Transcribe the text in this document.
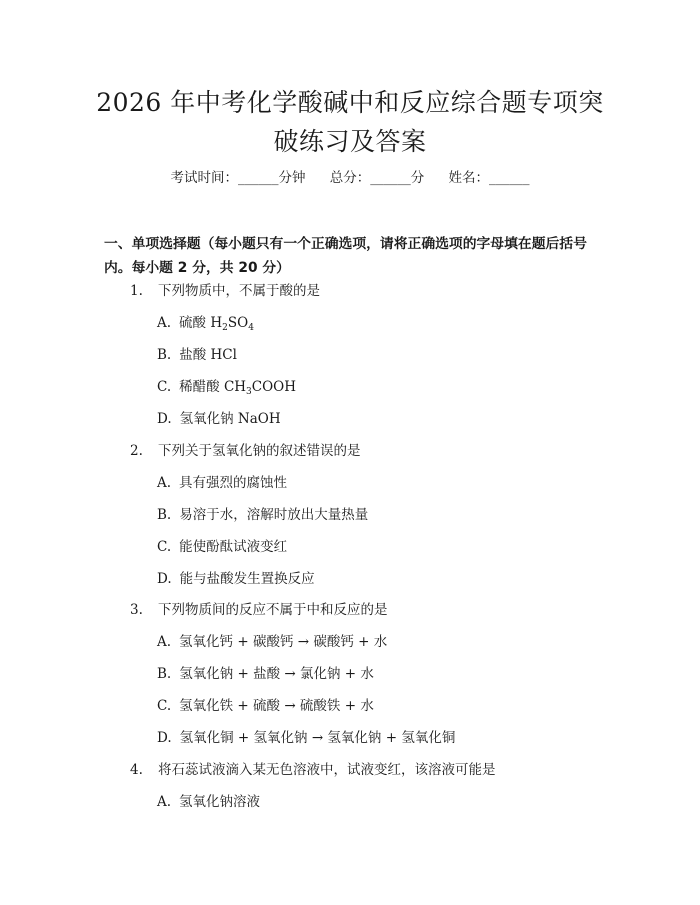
2026 年中考化学酸碱中和反应综合题专项突
破练习及答案
考试时间：______分钟 总分：______分 姓名：______
一、单项选择题（每小题只有一个正确选项，请将正确选项的字母填在题后括号
内。每小题 2 分，共 20 分）
1. 下列物质中，不属于酸的是
A. 硫酸 $H_2SO_4$
B. 盐酸 HCl
C. 稀醋酸 $CH_3COOH$
D. 氢氧化钠 NaOH
2. 下列关于氢氧化钠的叙述错误的是
A. 具有强烈的腐蚀性
B. 易溶于水，溶解时放出大量热量
C. 能使酚酞试液变红
D. 能与盐酸发生置换反应
3. 下列物质间的反应不属于中和反应的是
A. 氢氧化钙 + 碳酸钙 → 碳酸钙 + 水
B. 氢氧化钠 + 盐酸 → 氯化钠 + 水
C. 氢氧化铁 + 硫酸 → 硫酸铁 + 水
D. 氢氧化铜 + 氢氧化钠 → 氢氧化钠 + 氢氧化铜
4. 将石蕊试液滴入某无色溶液中，试液变红，该溶液可能是
A. 氢氧化钠溶液
